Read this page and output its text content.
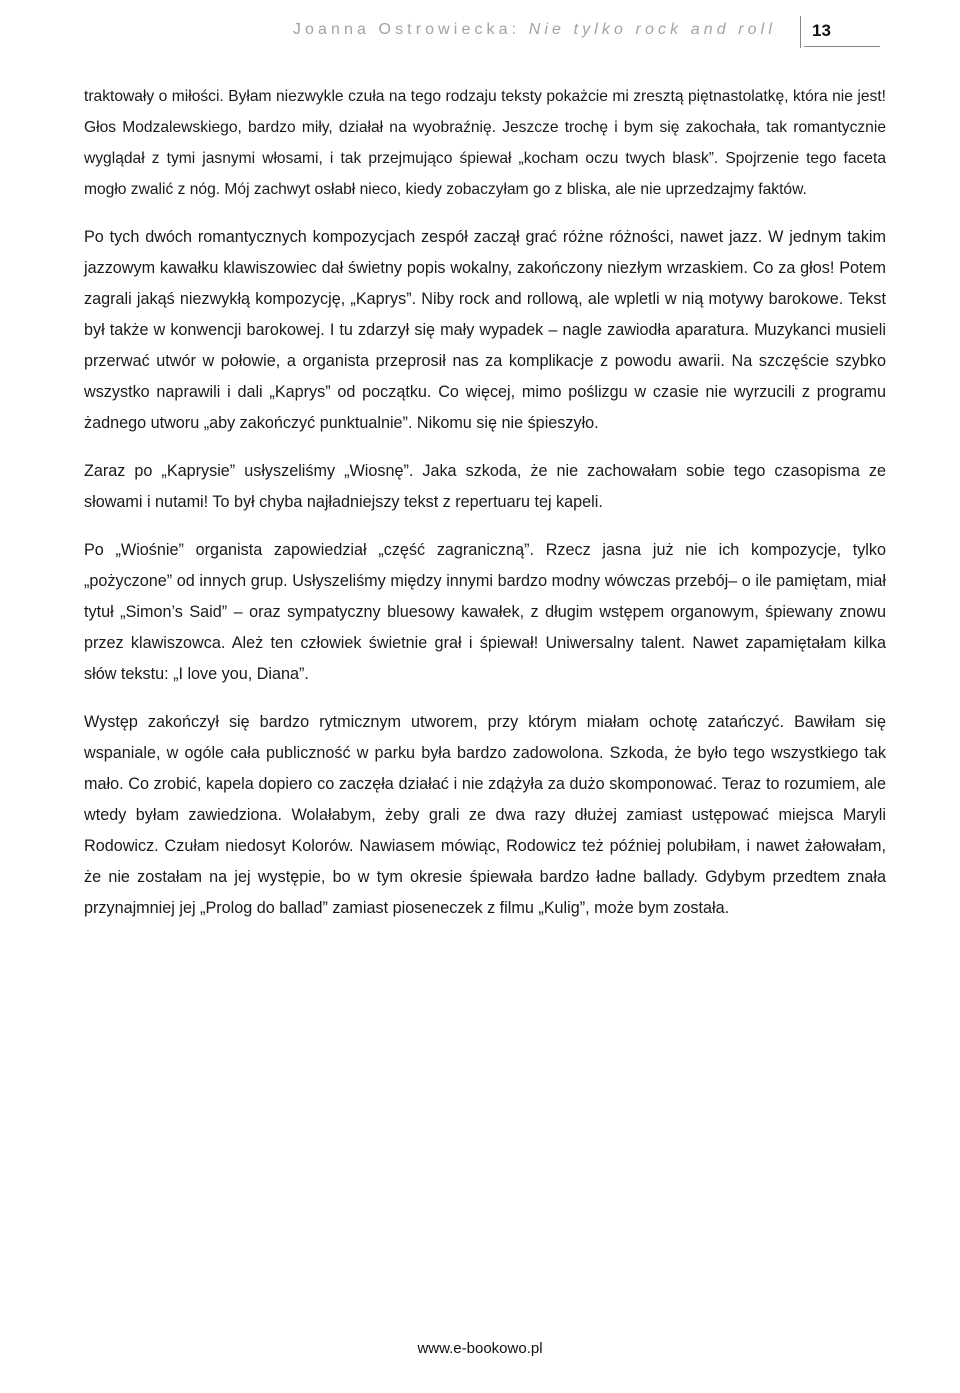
Joanna Ostrowiecka: Nie tylko rock and roll 13

traktowały o miłości. Byłam niezwykle czuła na tego rodzaju teksty pokażcie mi zresztą piętnastolatkę, która nie jest! Głos Modzalewskiego, bardzo miły, działał na wyobraźnię. Jeszcze trochę i bym się zakochała, tak romantycznie wyglądał z tymi jasnymi włosami, i tak przejmująco śpiewał „kocham oczu twych blask”. Spojrzenie tego faceta mogło zwalić z nóg. Mój zachwyt osłabł nieco, kiedy zobaczyłam go z bliska, ale nie uprzedzajmy faktów.

Po tych dwóch romantycznych kompozycjach zespół zaczął grać różne różności, nawet jazz. W jednym takim jazzowym kawałku klawiszowiec dał świetny popis wokalny, zakończony niezłym wrzaskiem. Co za głos! Potem zagrali jakąś niezwykłą kompozycję, „Kaprys”. Niby rock and rollową, ale wpletli w nią motywy barokowe. Tekst był także w konwencji barokowej. I tu zdarzył się mały wypadek – nagle zawiodła aparatura. Muzykanci musieli przerwać utwór w połowie, a organista przeprosił nas za komplikacje z powodu awarii. Na szczęście szybko wszystko naprawili i dali „Kaprys” od początku. Co więcej, mimo poślizgu w czasie nie wyrzucili z programu żadnego utworu „aby zakończyć punktualnie”. Nikomu się nie śpieszyło.

Zaraz po „Kaprysie” usłyszeliśmy „Wiosnę”. Jaka szkoda, że nie zachowałam sobie tego czasopisma ze słowami i nutami! To był chyba najładniejszy tekst z repertuaru tej kapeli.

Po „Wiośnie” organista zapowiedział „część zagraniczną”. Rzecz jasna już nie ich kompozycje, tylko „pożyczone” od innych grup. Usłyszeliśmy między innymi bardzo modny wówczas przebój– o ile pamiętam, miał tytuł „Simon’s Said” – oraz sympatyczny bluesowy kawałek, z długim wstępem organowym, śpiewany znowu przez klawiszowca. Ależ ten człowiek świetnie grał i śpiewał! Uniwersalny talent. Nawet zapamiętałam kilka słów tekstu: „I love you, Diana”.

Występ zakończył się bardzo rytmicznym utworem, przy którym miałam ochotę zatańczyć. Bawiłam się wspaniale, w ogóle cała publiczność w parku była bardzo zadowolona. Szkoda, że było tego wszystkiego tak mało. Co zrobić, kapela dopiero co zaczęła działać i nie zdążyła za dużo skomponować. Teraz to rozumiem, ale wtedy byłam zawiedziona. Wolałabym, żeby grali ze dwa razy dłużej zamiast ustępować miejsca Maryli Rodowicz. Czułam niedosyt Kolorów. Nawiasem mówiąc, Rodowicz też później polubiłam, i nawet żałowałam, że nie zostałam na jej występie, bo w tym okresie śpiewała bardzo ładne ballady. Gdybym przedtem znała przynajmniej jej „Prolog do ballad” zamiast pioseneczek z filmu „Kulig”, może bym została.

www.e-bookowo.pl
